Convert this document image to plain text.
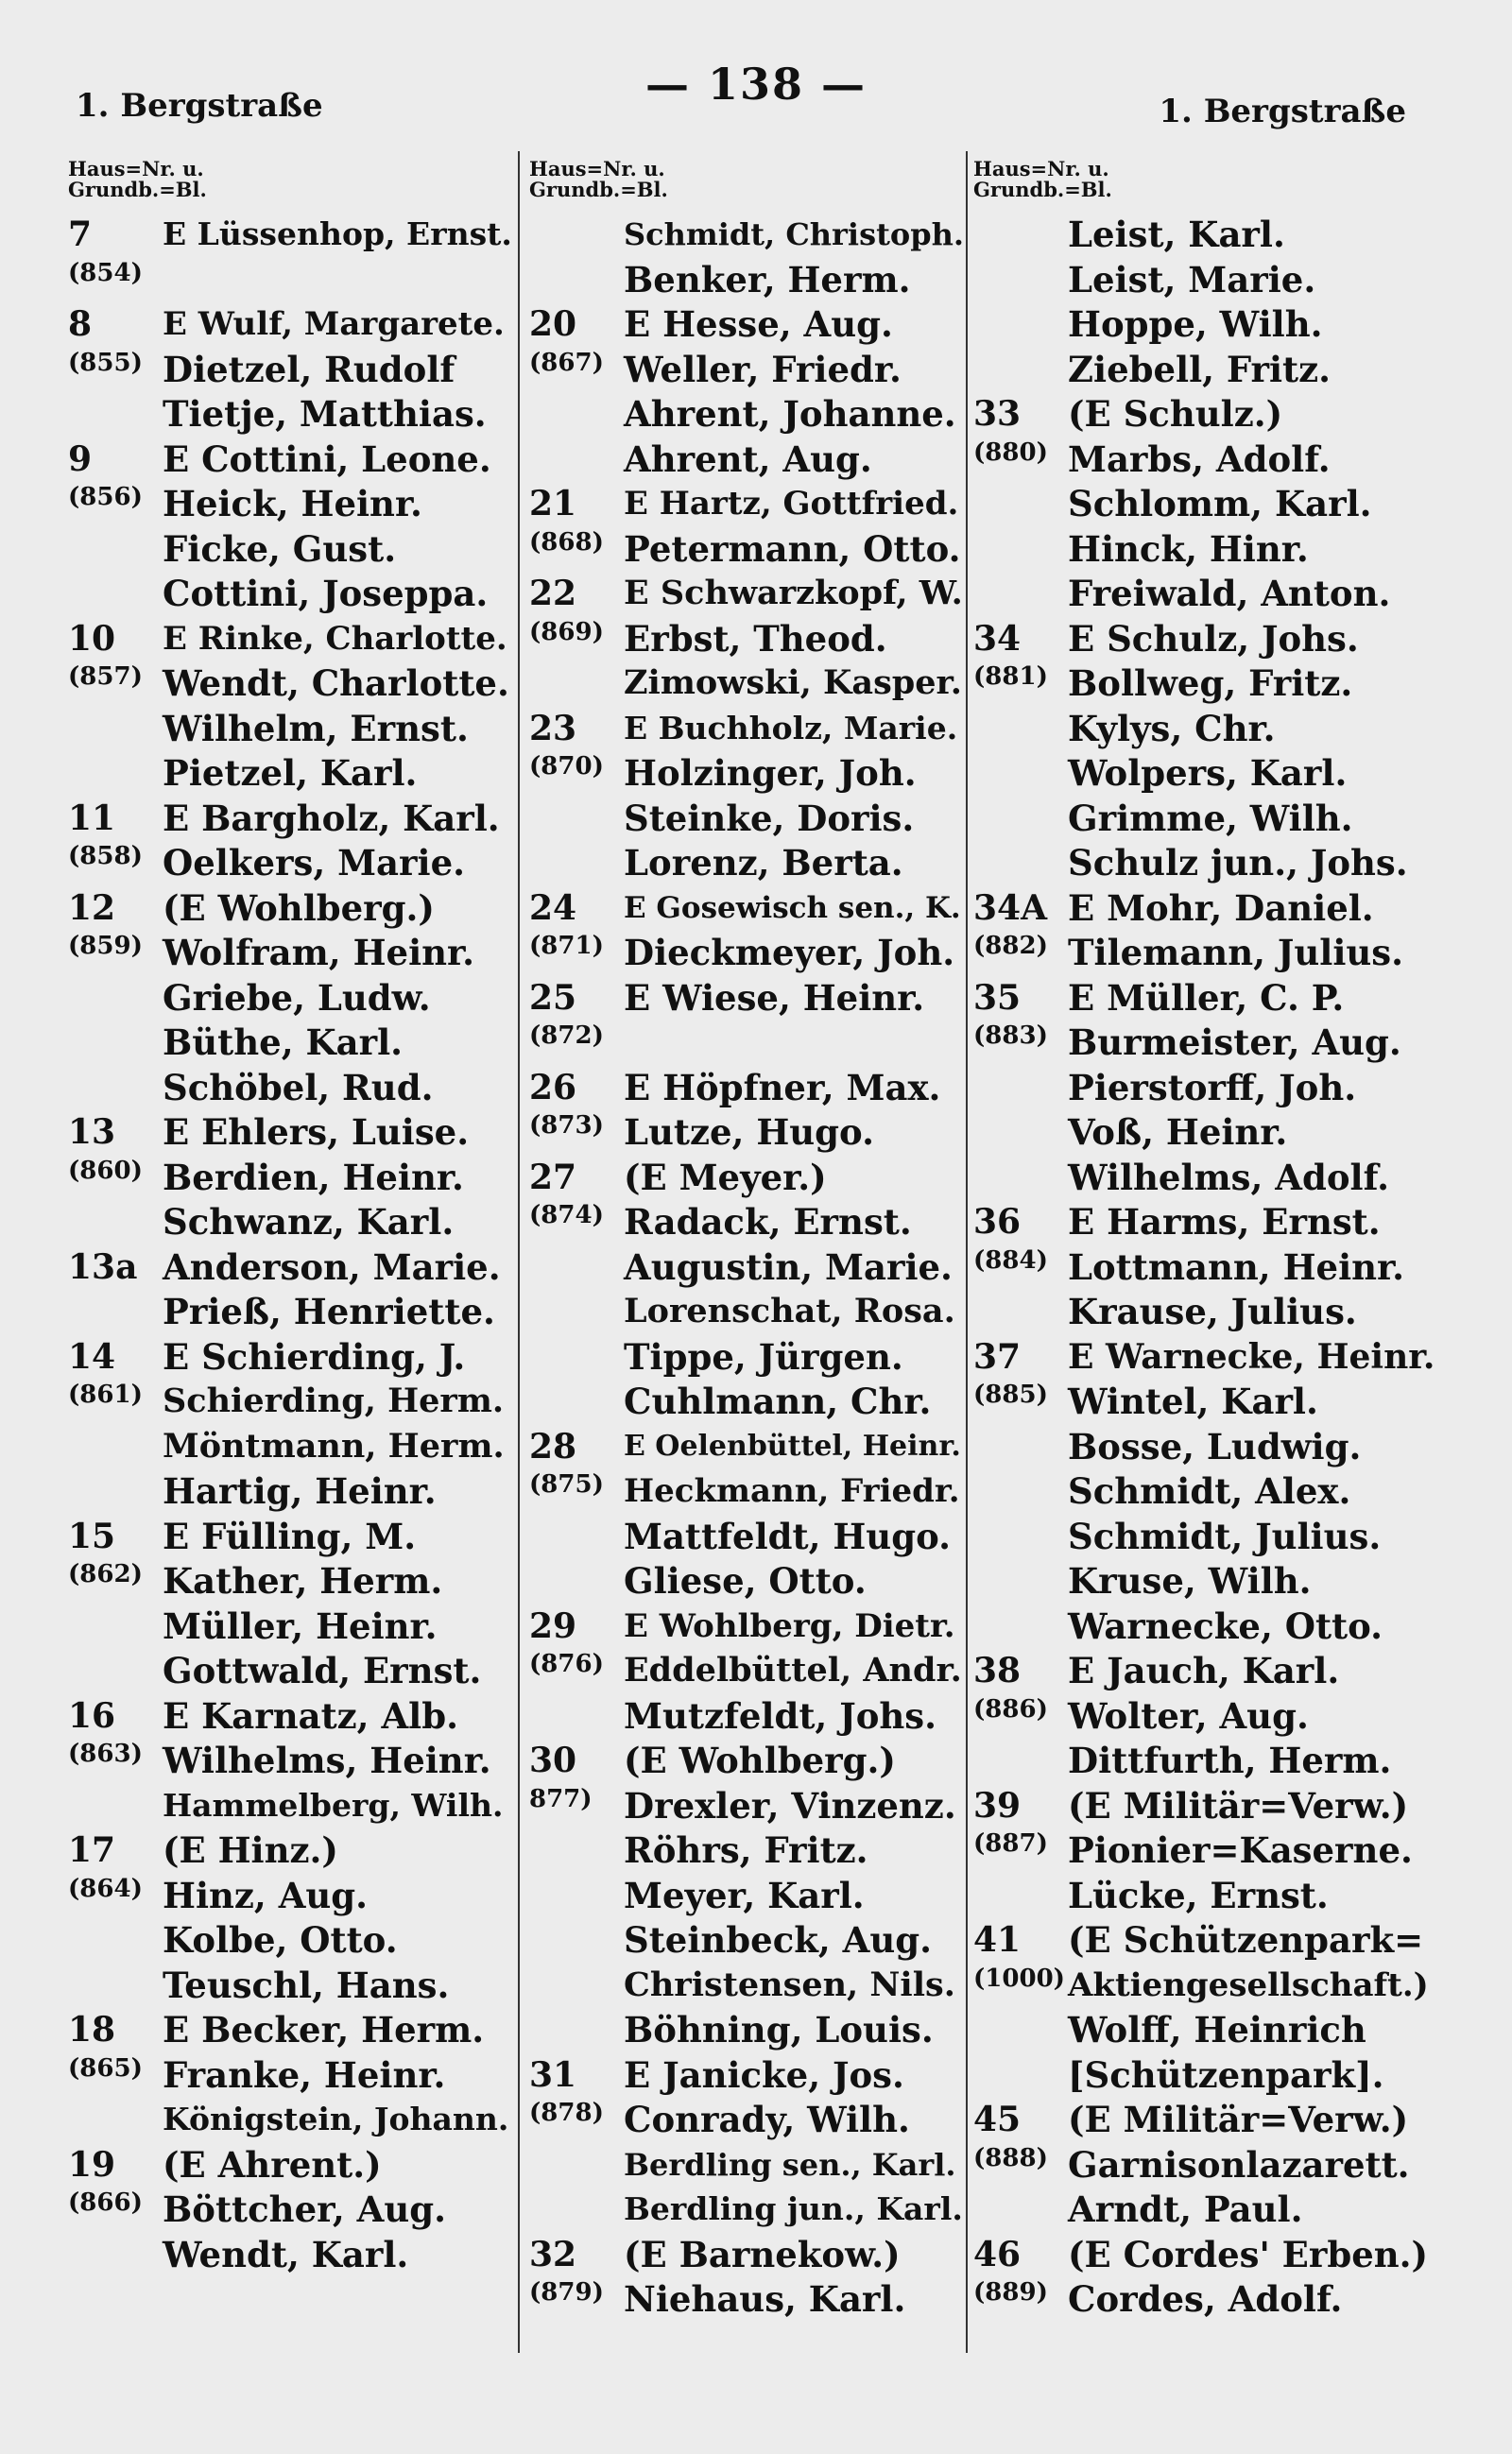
1. Bergstraße	— 138 —
1. Bergstraße
Haus=Nr. u.
Grundb.=Bl.
7	E Lüssenhop, Ernst.
(854)
8	E Wulf, Margarete.
(855) Dietzel, Rudolf
Tietje, Matthias.
9	E Cottini, Leone.
(856) Heick, Heinr.
Ficke, Gust.
Cottini, Joseppa.
10	E Rinke, Charlotte.
(857) Wendt, Charlotte.
Wilhelm, Ernst.
Pietzel, Karl.
11	E Bargholz, Karl.
(858) Oelkers, Marie.
12	(E Wohlberg.)
(859) Wolfram, Heinr.
Griebe, Ludw.
Büthe, Karl.
Schöbel, Rud.
13	E Ehlers, Luise.
(860) Berdien, Heinr.
Schwanz, Karl.
13a Anderson, Marie.
Prieß, Henriette.
14	E Schierding, J.
(861) Schierding, Herm.
Möntmann, Herm.
Hartig, Heinr.
15	E Fülling, M.
(862) Kather, Herm.
Müller, Heinr.
Gottwald, Ernst.
16	E Karnatz, Alb.
(863) Wilhelms, Heinr.
Hammelberg, Wilh.
17	(E Hinz.)
(864) Hinz, Aug.
Kolbe, Otto.
Teuschl, Hans.
18	E Becker, Herm.
(865) Franke, Heinr.
Königstein, Johann.
19	(E Ahrent.)
(866) Böttcher, Aug.
Wendt, Karl.
Haus=Nr. u.
Grundb.=Bl.
Schmidt, Christoph.
Benker, Herm.
20	E Hesse, Aug.
(867) Weller, Friedr.
Ahrent, Johanne.
Ahrent, Aug.
21	E Hartz, Gottfried.
(868) Petermann, Otto.
22	E Schwarzkopf, W.
(869) Erbst, Theod.
Zimowski, Kasper.
23	E Buchholz, Marie.
(870) Holzinger, Joh.
Steinke, Doris.
Lorenz, Berta.
24	E Gosewisch sen., K.
(871) Dieckmeyer, Joh.
25	E Wiese, Heinr.
(872)
26	E Höpfner, Max.
(873) Lutze, Hugo.
27	(E Meyer.)
(874) Radack, Ernst.
Augustin, Marie.
Lorenschat, Rosa.
Tippe, Jürgen.
Cuhlmann, Chr.
28	E Oelenbüttel, Heinr.
(875) Heckmann, Friedr.
Mattfeldt, Hugo.
Gliese, Otto.
29	E Wohlberg, Dietr.
(876) Eddelbüttel, Andr.
Mutzfeldt, Johs.
30	(E Wohlberg.)
877) Drexler, Vinzenz.
Röhrs, Fritz.
Meyer, Karl.
Steinbeck, Aug.
Christensen, Nils.
Böhning, Louis.
31	E Janicke, Jos.
(878) Conrady, Wilh.
Berdling sen., Karl.
Berdling jun., Karl.
32	(E Barnekow.)
(879) Niehaus, Karl.
Haus=Nr. u.
Grundb.=Bl.
Leist, Karl.
Leist, Marie.
Hoppe, Wilh.
Ziebell, Fritz.
33	(E Schulz.)
(880) Marbs, Adolf.
Schlomm, Karl.
Hinck, Hinr.
Freiwald, Anton.
34	E Schulz, Johs.
(881) Bollweg, Fritz.
Kylys, Chr.
Wolpers, Karl.
Grimme, Wilh.
Schulz jun., Johs.
34A E Mohr, Daniel.
(882) Tilemann, Julius.
35	E Müller, C. P.
(883) Burmeister, Aug.
Pierstorff, Joh.
Voß, Heinr.
Wilhelms, Adolf.
36	E Harms, Ernst.
(884) Lottmann, Heinr.
Krause, Julius.
37	E Warnecke, Heinr.
(885) Wintel, Karl.
Bosse, Ludwig.
Schmidt, Alex.
Schmidt, Julius.
Kruse, Wilh.
Warnecke, Otto.
38	E Jauch, Karl.
(886) Wolter, Aug.
Dittfurth, Herm.
39	(E Militär=Verw.)
(887) Pionier=Kaserne.
Lücke, Ernst.
41	(E Schützenpark=
(1000) Aktiengesellschaft.)
Wolff, Heinrich
[Schützenpark].
45	(E Militär=Verw.)
(888) Garnisonlazarett.
Arndt, Paul.
46	(E Cordes' Erben.)
(889) Cordes, Adolf.
